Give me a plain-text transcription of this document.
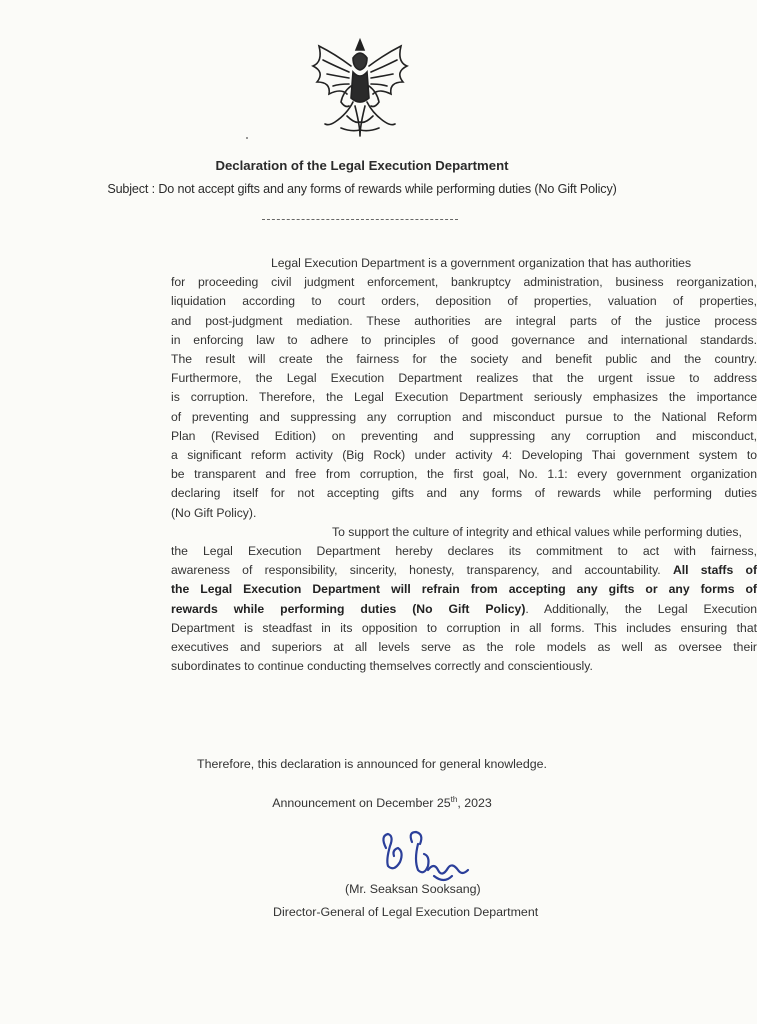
Declaration of the Legal Execution Department
Subject : Do not accept gifts and any forms of rewards while performing duties (No Gift Policy)
Legal Execution Department is a government organization that has authorities
for proceeding civil judgment enforcement, bankruptcy administration, business reorganization,
liquidation according to court orders, deposition of properties, valuation of properties,
and post-judgment mediation. These authorities are integral parts of the justice process
in enforcing law to adhere to principles of good governance and international standards.
The result will create the fairness for the society and benefit public and the country.
Furthermore, the Legal Execution Department realizes that the urgent issue to address
is corruption. Therefore, the Legal Execution Department seriously emphasizes the importance
of preventing and suppressing any corruption and misconduct pursue to the National Reform
Plan (Revised Edition) on preventing and suppressing any corruption and misconduct,
a significant reform activity (Big Rock) under activity 4: Developing Thai government system to
be transparent and free from corruption, the first goal, No. 1.1: every government organization
declaring itself for not accepting gifts and any forms of rewards while performing duties
(No Gift Policy).
To support the culture of integrity and ethical values while performing duties,
the Legal Execution Department hereby declares its commitment to act with fairness,
awareness of responsibility, sincerity, honesty, transparency, and accountability. All staffs of
the Legal Execution Department will refrain from accepting any gifts or any forms of
rewards while performing duties (No Gift Policy). Additionally, the Legal Execution
Department is steadfast in its opposition to corruption in all forms. This includes ensuring that
executives and superiors at all levels serve as the role models as well as oversee their
subordinates to continue conducting themselves correctly and conscientiously.
Therefore, this declaration is announced for general knowledge.
Announcement on December 25th, 2023
(Mr. Seaksan Sooksang)
Director-General of Legal Execution Department
